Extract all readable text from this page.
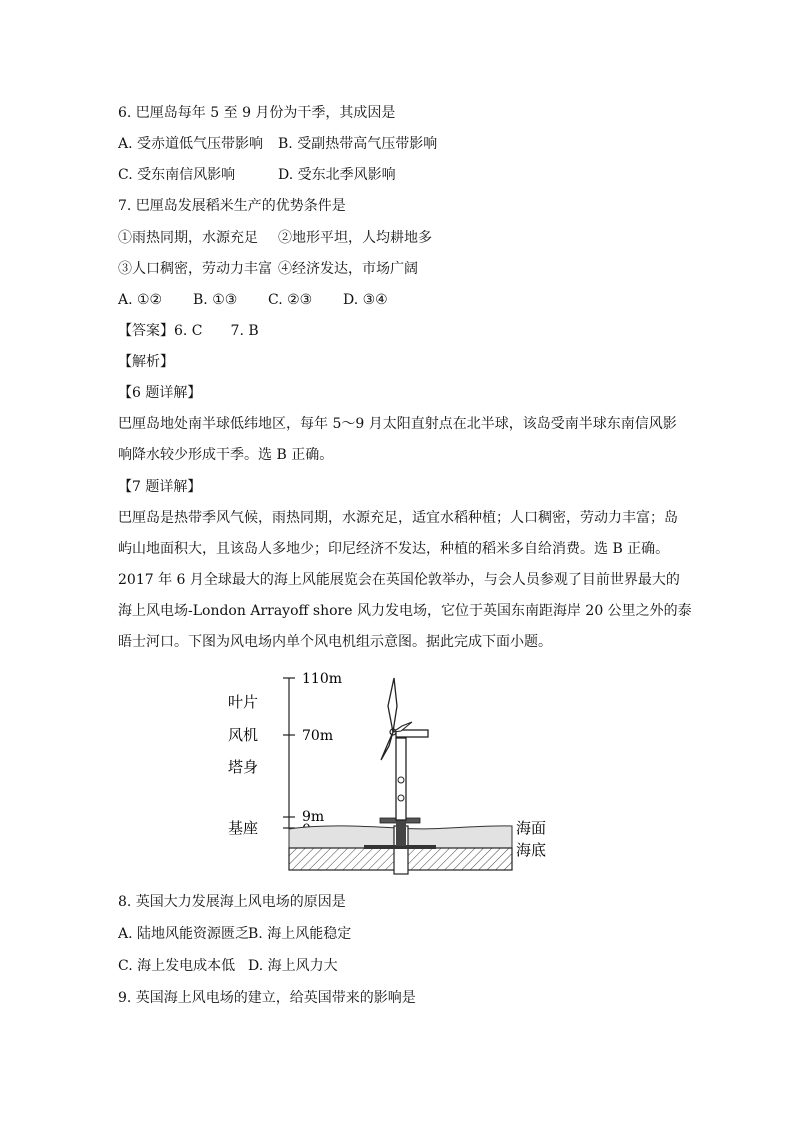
6. 巴厘岛每年 5 至 9 月份为干季，其成因是
A. 受赤道低气压带影响 B. 受副热带高气压带影响
C. 受东南信风影响	D. 受东北季风影响
7. 巴厘岛发展稻米生产的优势条件是
①雨热同期，水源充足 ②地形平坦，人均耕地多
③人口稠密，劳动力丰富 ④经济发达，市场广阔
A. ①② B. ①③ C. ②③ D. ③④
【答案】6. C 7. B
【解析】
【6 题详解】
巴厘岛地处南半球低纬地区，每年 5～9 月太阳直射点在北半球，该岛受南半球东南信风影
响降水较少形成干季。选 B 正确。
【7 题详解】
巴厘岛是热带季风气候，雨热同期，水源充足，适宜水稻种植；人口稠密，劳动力丰富；岛
屿山地面积大，且该岛人多地少；印尼经济不发达，种植的稻米多自给消费。选 B 正确。
2017 年 6 月全球最大的海上风能展览会在英国伦敦举办，与会人员参观了目前世界最大的
海上风电场-London Arrayoff shore 风力发电场，它位于英国东南距海岸 20 公里之外的泰
晤士河口。下图为风电场内单个风电机组示意图。据此完成下面小题。
110m
70m
9m
叶片
风机
塔身
基座	海面
海底
8. 英国大力发展海上风电场的原因是
A. 陆地风能资源匮乏B. 海上风能稳定
C. 海上发电成本低 D. 海上风力大
9. 英国海上风电场的建立，给英国带来的影响是
